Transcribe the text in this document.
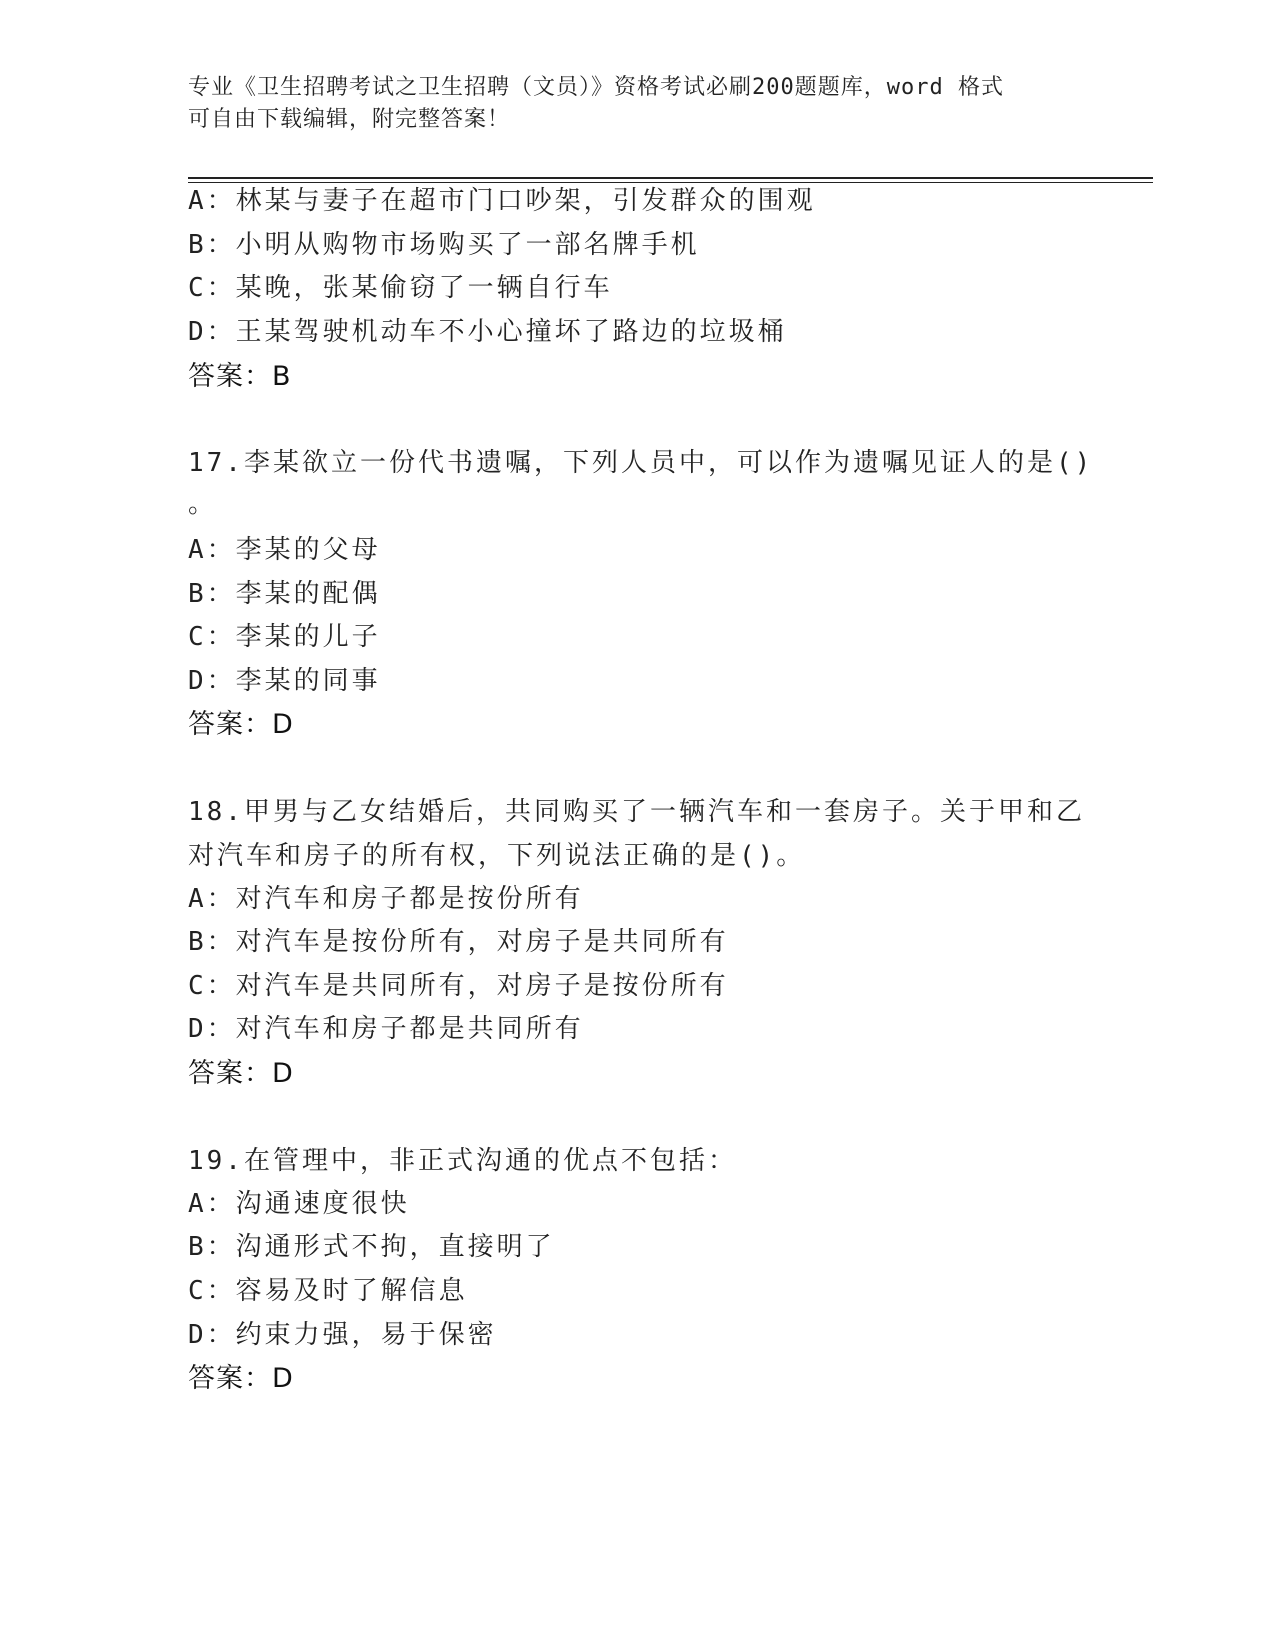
专业《卫生招聘考试之卫生招聘（文员）》资格考试必刷200题题库，word 格式
可自由下载编辑，附完整答案！
A：林某与妻子在超市门口吵架，引发群众的围观
B：小明从购物市场购买了一部名牌手机
C：某晚，张某偷窃了一辆自行车
D：王某驾驶机动车不小心撞坏了路边的垃圾桶
答案：B
17.李某欲立一份代书遗嘱，下列人员中，可以作为遗嘱见证人的是()
。
A：李某的父母
B：李某的配偶
C：李某的儿子
D：李某的同事
答案：D
18.甲男与乙女结婚后，共同购买了一辆汽车和一套房子。关于甲和乙
对汽车和房子的所有权，下列说法正确的是()。
A：对汽车和房子都是按份所有
B：对汽车是按份所有，对房子是共同所有
C：对汽车是共同所有，对房子是按份所有
D：对汽车和房子都是共同所有
答案：D
19.在管理中，非正式沟通的优点不包括：
A：沟通速度很快
B：沟通形式不拘，直接明了
C：容易及时了解信息
D：约束力强，易于保密
答案：D
